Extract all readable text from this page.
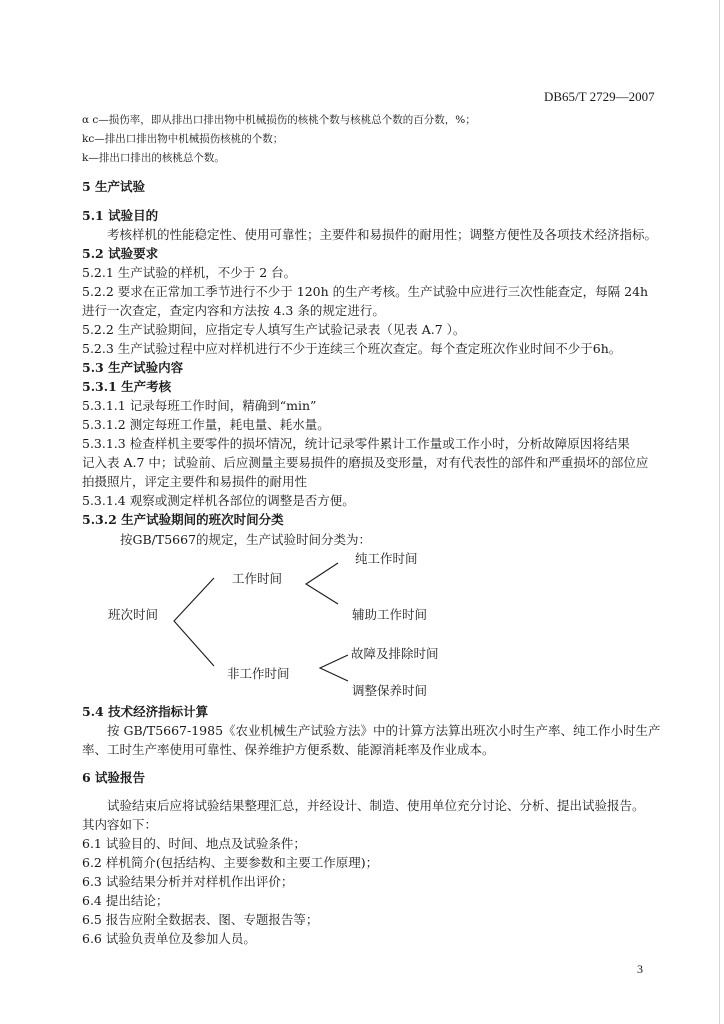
DB65/T 2729—2007
α c—损伤率，即从排出口排出物中机械损伤的核桃个数与核桃总个数的百分数，%；
kc—排出口排出物中机械损伤核桃的个数；
k—排出口排出的核桃总个数。
5 生产试验
5.1 试验目的
考核样机的性能稳定性、使用可靠性；主要件和易损件的耐用性；调整方便性及各项技术经济指标。
5.2 试验要求
5.2.1 生产试验的样机，不少于 2 台。
5.2.2 要求在正常加工季节进行不少于 120h 的生产考核。生产试验中应进行三次性能查定，每隔 24h
进行一次查定，查定内容和方法按 4.3 条的规定进行。
5.2.2 生产试验期间，应指定专人填写生产试验记录表（见表 A.7 ）。
5.2.3 生产试验过程中应对样机进行不少于连续三个班次查定。每个查定班次作业时间不少于6h。
5.3 生产试验内容
5.3.1 生产考核
5.3.1.1 记录每班工作时间，精确到“min”
5.3.1.2 测定每班工作量，耗电量、耗水量。
5.3.1.3 检查样机主要零件的损坏情况，统计记录零件累计工作量或工作小时，分析故障原因将结果
记入表 A.7 中；试验前、后应测量主要易损件的磨损及变形量，对有代表性的部件和严重损坏的部位应
拍摄照片，评定主要件和易损件的耐用性
5.3.1.4 观察或测定样机各部位的调整是否方便。
5.3.2 生产试验期间的班次时间分类
按GB/T5667的规定，生产试验时间分类为：
班次时间
工作时间
纯工作时间
辅助工作时间
非工作时间
故障及排除时间
调整保养时间
5.4 技术经济指标计算
按 GB/T5667-1985《农业机械生产试验方法》中的计算方法算出班次小时生产率、纯工作小时生产
率、工时生产率使用可靠性、保养维护方便系数、能源消耗率及作业成本。
6 试验报告
试验结束后应将试验结果整理汇总，并经设计、制造、使用单位充分讨论、分析、提出试验报告。
其内容如下：
6.1 试验目的、时间、地点及试验条件；
6.2 样机简介(包括结构、主要参数和主要工作原理)；
6.3 试验结果分析并对样机作出评价；
6.4 提出结论；
6.5 报告应附全数据表、图、专题报告等；
6.6 试验负责单位及参加人员。
3
